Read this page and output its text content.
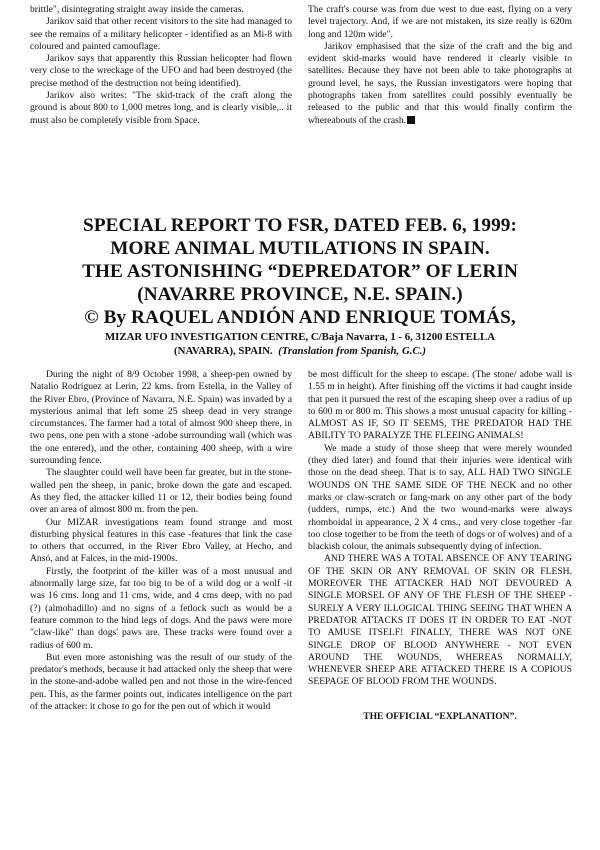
brittle", disintegrating straight away inside the cameras.

Jarikov said that other recent visitors to the site had managed to see the remains of a military helicopter - identified as an Mi-8 with coloured and painted camouflage.

Jarikov says that apparently this Russian helicopter had flown very close to the wreckage of the UFO and had been destroyed (the precise method of the destruction not being identified).

Jarikov also writes: "The skid-track of the craft along the ground is about 800 to 1,000 metres long, and is clearly visible,.. it must also be completely visible from Space.

The craft's course was from due west to due east, flying on a very level trajectory. And, if we are not mistaken, its size really is 620m long and 120m wide".

Jarikov emphasised that the size of the craft and the big and evident skid-marks would have rendered it clearly visible to satellites. Because they have not been able to take photographs at ground level, he says, the Russian investigators were hoping that photographs taken from satellites could possibly eventually be released to the public and that this would finally confirm the whereabouts of the crash.

SPECIAL REPORT TO FSR, DATED FEB. 6, 1999:
MORE ANIMAL MUTILATIONS IN SPAIN.
THE ASTONISHING “DEPREDATOR” OF LERIN
(NAVARRE PROVINCE, N.E. SPAIN.)
© By RAQUEL ANDIÓN AND ENRIQUE TOMÁS,
MIZAR UFO INVESTIGATION CENTRE, C/Baja Navarra, 1 - 6, 31200 ESTELLA
(NAVARRA), SPAIN. (Translation from Spanish, G.C.)

During the night of 8/9 October 1998, a sheep-pen owned by Natalio Rodríguez at Lerin, 22 kms. from Estella, in the Valley of the River Ebro, (Province of Navarra, N.E. Spain) was invaded by a mysterious animal that left some 25 sheep dead in very strange circumstances. The farmer had a total of almost 900 sheep there, in two pens, one pen with a stone -adobe surrounding wall (which was the one entered), and the other, containing 400 sheep, with a wire surrounding fence.

The slaughter could well have been far greater, but in the stone-walled pen the sheep, in panic, broke down the gate and escaped. As they fled, the attacker killed 11 or 12, their bodies being found over an area of almost 800 m. from the pen.

Our MIZAR investigations team found strange and most disturbing physical features in this case -features that link the case to others that occurred, in the River Ebro Valley, at Hecho, and Ansó, and at Falces, in the mid-1900s.

Firstly, the footprint of the killer was of a most unusual and abnormally large size, far too big to be of a wild dog or a wolf -it was 16 cms. long and 11 cms, wide, and 4 cms deep, with no pad (?) (almohadillo) and no signs of a fetlock such as would be a feature common to the hind legs of dogs. And the paws were more "claw-like" than dogs' paws are. These tracks were found over a radius of 600 m.

But even more astonishing was the result of our study of the predator's methods, because it had attacked only the sheep that were in the stone-and-adobe walled pen and not those in the wire-fenced pen. This, as the farmer points out, indicates intelligence on the part of the attacker: it chose to go for the pen out of which it would

be most difficult for the sheep to escape. (The stone/ adobe wall is 1.55 m in height). After finishing off the victims it had caught inside that pen it pursued the rest of the escaping sheep over a radius of up to 600 m or 800 m. This shows a most unusual capacity for killing -ALMOST AS IF, SO IT SEEMS, THE PREDATOR HAD THE ABILITY TO PARALYZE THE FLEEING ANIMALS!

We made a study of those sheep that were merely wounded (they died later) and found that their injuries were identical with those on the dead sheep. That is to say, ALL HAD TWO SINGLE WOUNDS ON THE SAME SIDE OF THE NECK and no other marks or claw-scratch or fang-mark on any other part of the body (udders, rumps, etc.) And the two wound-marks were always rhomboidal in appearance, 2 X 4 cms., and very close together -far too close together to be from the teeth of dogs or of wolves) and of a blackish colour, the animals subsequently dying of infection.

AND THERE WAS A TOTAL ABSENCE OF ANY TEARING OF THE SKIN OR ANY REMOVAL OF SKIN OR FLESH. MOREOVER THE ATTACKER HAD NOT DEVOURED A SINGLE MORSEL OF ANY OF THE FLESH OF THE SHEEP -SURELY A VERY ILLOGICAL THING SEEING THAT WHEN A PREDATOR ATTACKS IT DOES IT IN ORDER TO EAT -NOT TO AMUSE ITSELF! FINALLY, THERE WAS NOT ONE SINGLE DROP OF BLOOD ANYWHERE - NOT EVEN AROUND THE WOUNDS, WHEREAS NORMALLY, WHENEVER SHEEP ARE ATTACKED THERE IS A COPIOUS SEEPAGE OF BLOOD FROM THE WOUNDS.

THE OFFICIAL “EXPLANATION”.
